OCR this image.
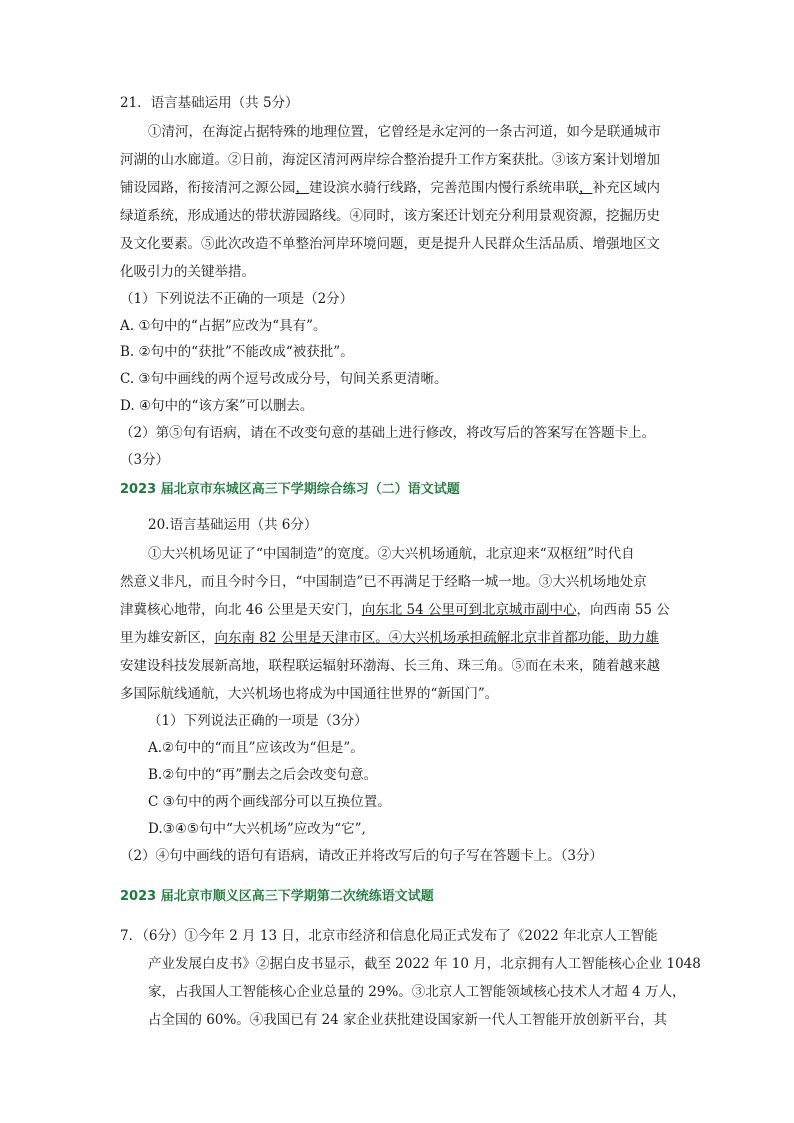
21．语言基础运用（共 5分）
①清河，在海淀占据特殊的地理位置，它曾经是永定河的一条古河道，如今是联通城市
河湖的山水廊道。②日前，海淀区清河两岸综合整治提升工作方案获批。③该方案计划增加
铺设园路，衔接清河之源公园，建设滨水骑行线路，完善范围内慢行系统串联，补充区域内
绿道系统，形成通达的带状游园路线。④同时，该方案还计划充分利用景观资源，挖掘历史
及文化要素。⑤此次改造不单整治河岸环境问题，更是提升人民群众生活品质、增强地区文
化吸引力的关键举措。
（1）下列说法不正确的一项是（2分）
A. ①句中的“占据”应改为“具有”。
B. ②句中的“获批”不能改成“被获批”。
C. ③句中画线的两个逗号改成分号，句间关系更清晰。
D. ④句中的“该方案”可以删去。
（2）第⑤句有语病，请在不改变句意的基础上进行修改，将改写后的答案写在答题卡上。
（3分）
2023 届北京市东城区高三下学期综合练习（二）语文试题
20.语言基础运用（共 6分）
①大兴机场见证了“中国制造”的宽度。②大兴机场通航，北京迎来“双枢纽”时代自
然意义非凡，而且今时今日，“中国制造”已不再满足于经略一城一地。③大兴机场地处京
津冀核心地带，向北 46 公里是天安门，向东北 54 公里可到北京城市副中心，向西南 55 公
里为雄安新区，向东南 82 公里是天津市区。④大兴机场承担疏解北京非首都功能，助力雄
安建设科技发展新高地，联程联运辐射环渤海、长三角、珠三角。⑤而在未来，随着越来越
多国际航线通航，大兴机场也将成为中国通往世界的“新国门”。
（1）下列说法正确的一项是（3分）
A.②句中的“而且”应该改为“但是”。
B.②句中的“再”删去之后会改变句意。
C ③句中的两个画线部分可以互换位置。
D.③④⑤句中“大兴机场”应改为“它”,
（2）④句中画线的语句有语病，请改正并将改写后的句子写在答题卡上。（3分）
2023 届北京市顺义区高三下学期第二次统练语文试题
7．（6分）①今年 2 月 13 日，北京市经济和信息化局正式发布了《2022 年北京人工智能
产业发展白皮书》②据白皮书显示，截至 2022 年 10 月，北京拥有人工智能核心企业 1048
家，占我国人工智能核心企业总量的 29%。③北京人工智能领域核心技术人才超 4 万人，
占全国的 60%。④我国已有 24 家企业获批建设国家新一代人工智能开放创新平台，其
